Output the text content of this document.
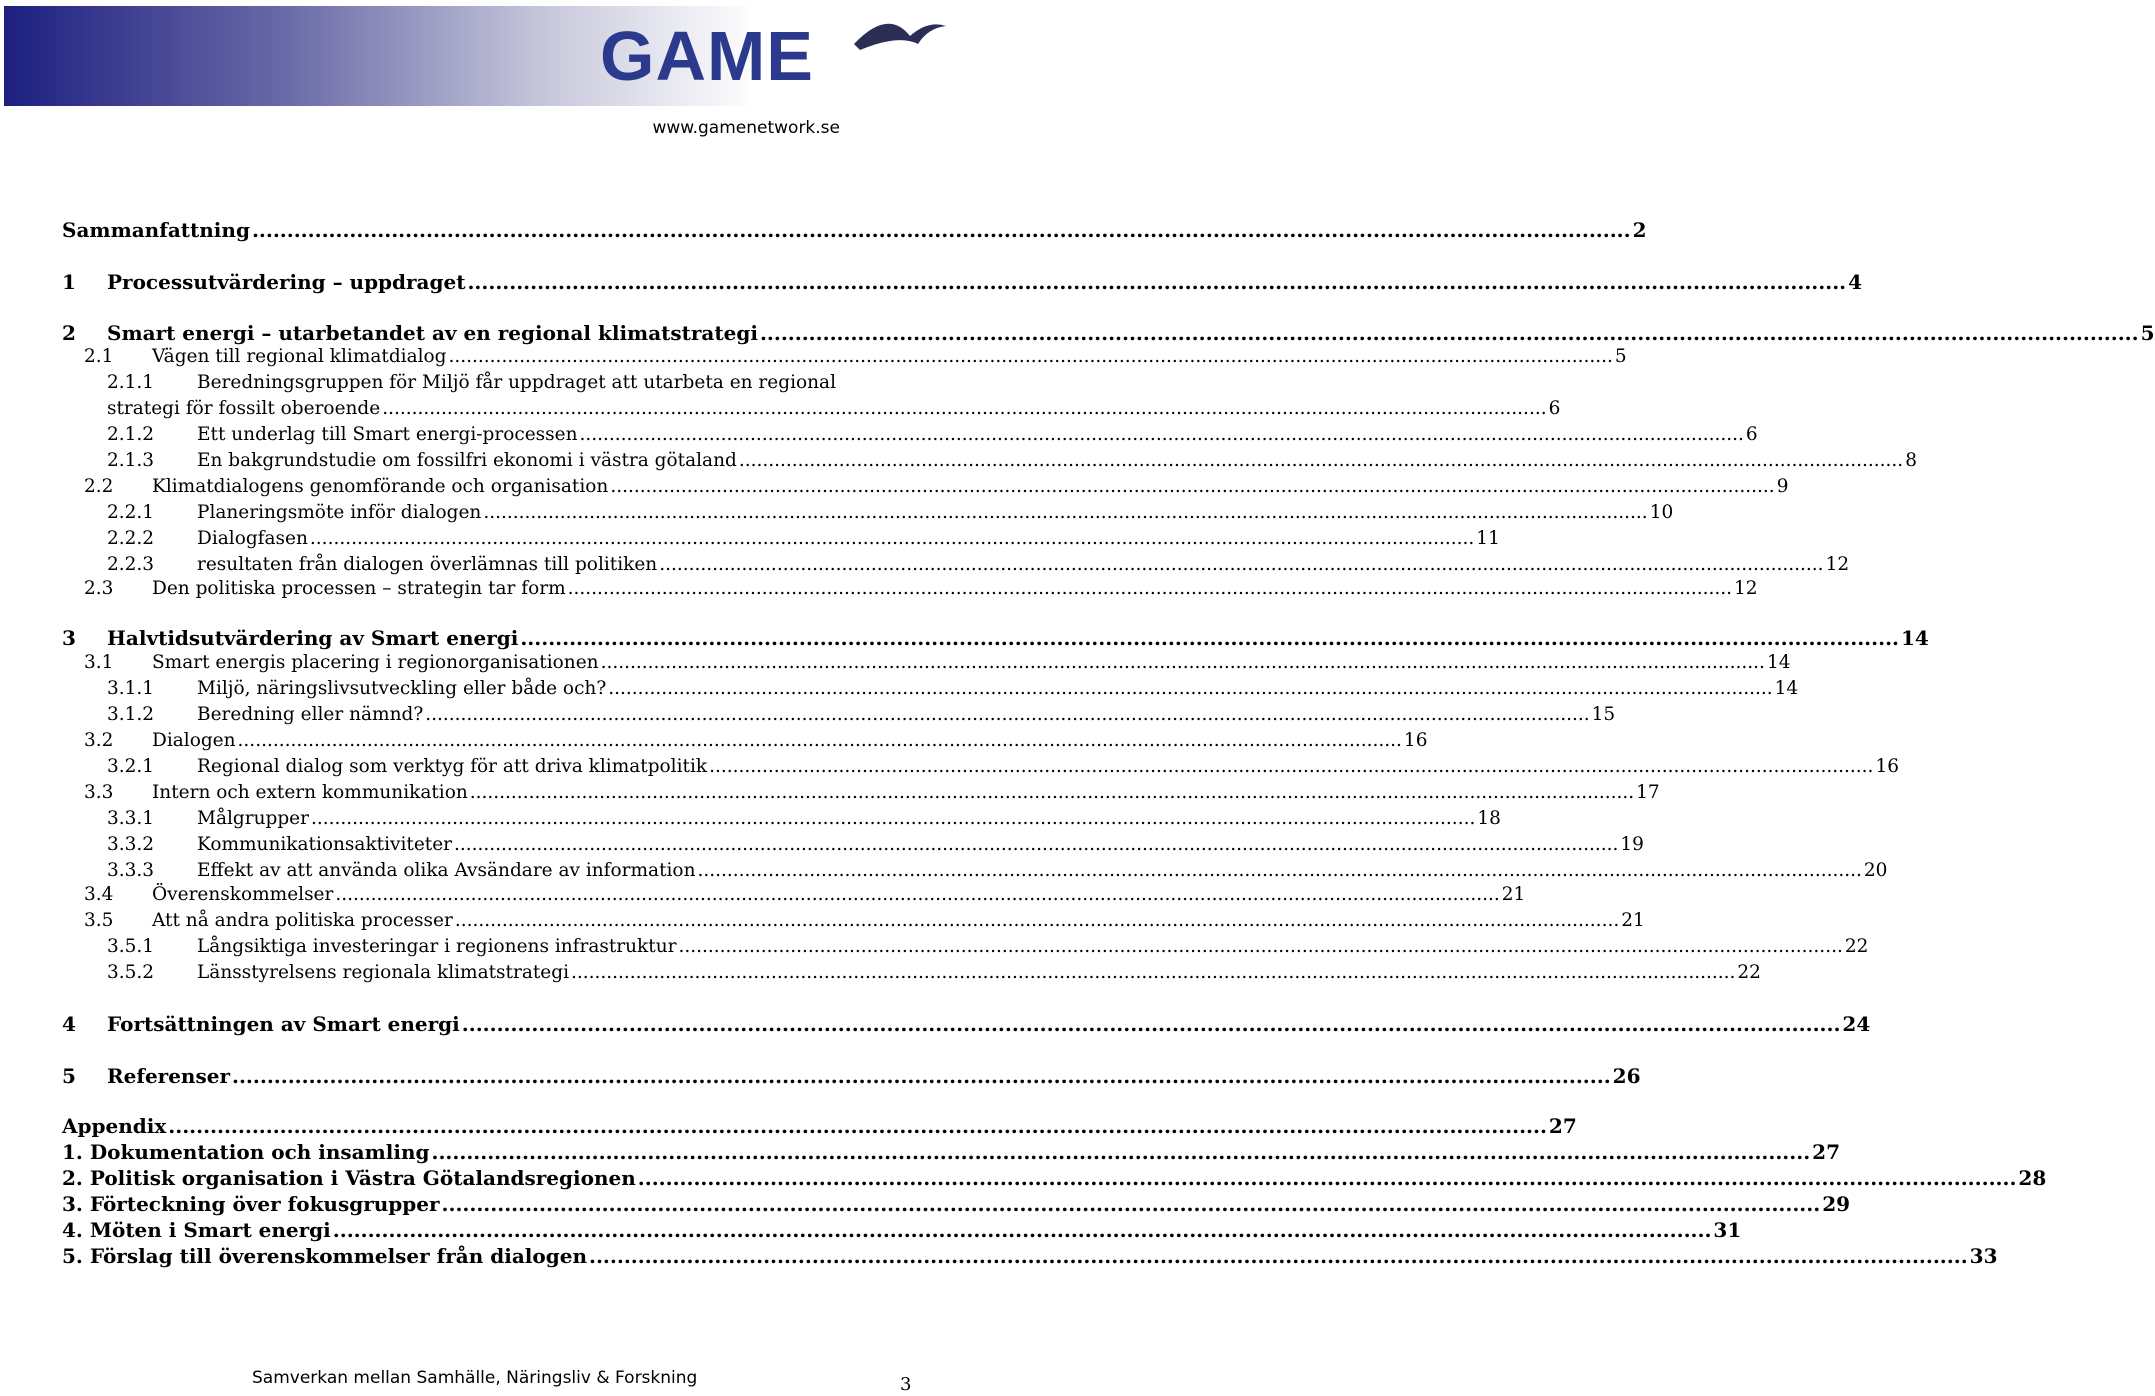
GAME
www.gamenetwork.se
Sammanfattning .....	2
1	Processutvärdering – uppdraget .....	4
2	Smart energi – utarbetandet av en regional klimatstrategi .....	5
2.1	Vägen till regional klimatdialog .....	5
2.1.1	Beredningsgruppen för Miljö får uppdraget att utarbeta en regional
strategi för fossilt oberoende .....	6
2.1.2	Ett underlag till Smart energi-processen .....	6
2.1.3	En bakgrundstudie om fossilfri ekonomi i västra götaland .....	8
2.2	Klimatdialogens genomförande och organisation .....	9
2.2.1	Planeringsmöte inför dialogen .....	10
2.2.2	Dialogfasen .....	11
2.2.3	resultaten från dialogen överlämnas till politiken .....	12
2.3	Den politiska processen – strategin tar form .....	12
3	Halvtidsutvärdering av Smart energi .....	14
3.1	Smart energis placering i regionorganisationen .....	14
3.1.1	Miljö, näringslivsutveckling eller både och? .....	14
3.1.2	Beredning eller nämnd? .....	15
3.2	Dialogen .....	16
3.2.1	Regional dialog som verktyg för att driva klimatpolitik .....	16
3.3	Intern och extern kommunikation .....	17
3.3.1	Målgrupper .....	18
3.3.2	Kommunikationsaktiviteter .....	19
3.3.3	Effekt av att använda olika Avsändare av information .....	20
3.4	Överenskommelser .....	21
3.5	Att nå andra politiska processer .....	21
3.5.1	Långsiktiga investeringar i regionens infrastruktur .....	22
3.5.2	Länsstyrelsens regionala klimatstrategi .....	22
4	Fortsättningen av Smart energi .....	24
5	Referenser .....	26
Appendix .....	27
1. Dokumentation och insamling .....	27
2. Politisk organisation i Västra Götalandsregionen .....	28
3. Förteckning över fokusgrupper .....	29
4. Möten i Smart energi .....	31
5. Förslag till överenskommelser från dialogen .....	33
Samverkan mellan Samhälle, Näringsliv & Forskning	3
